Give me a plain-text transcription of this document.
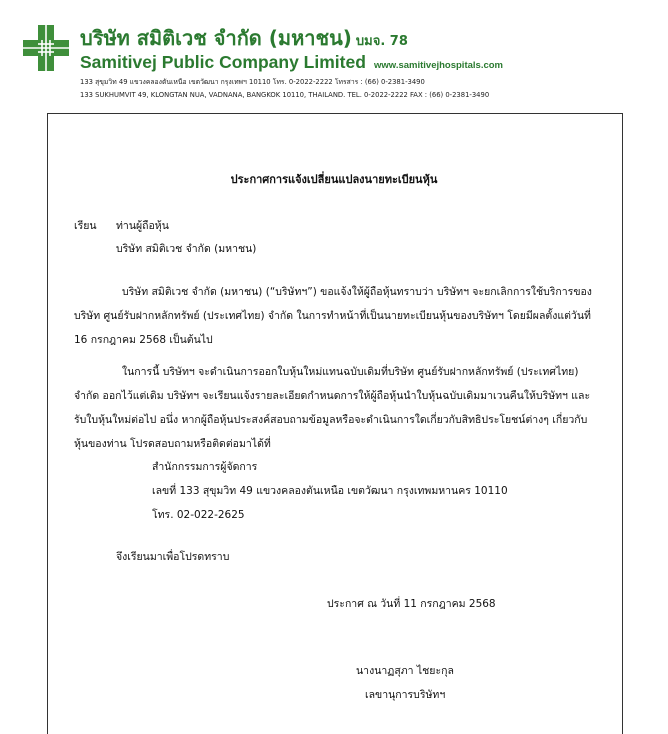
บริษัท สมิติเวช จำกัด (มหาชน) บมจ. 78
Samitivej Public Company Limited www.samitivejhospitals.com
133 สุขุมวิท 49 แขวงคลองตันเหนือ เขตวัฒนา กรุงเทพฯ 10110 โทร. 0-2022-2222 โทรสาร : (66) 0-2381-3490
133 SUKHUMVIT 49, KLONGTAN NUA, VADNANA, BANGKOK 10110, THAILAND. TEL. 0-2022-2222 FAX : (66) 0-2381-3490
ประกาศการแจ้งเปลี่ยนแปลงนายทะเบียนหุ้น
เรียน ท่านผู้ถือหุ้น
บริษัท สมิติเวช จำกัด (มหาชน)

บริษัท สมิติเวช จำกัด (มหาชน) (“บริษัทฯ”) ขอแจ้งให้ผู้ถือหุ้นทราบว่า บริษัทฯ จะยกเลิกการใช้บริการของ

บริษัท ศูนย์รับฝากหลักทรัพย์ (ประเทศไทย) จำกัด ในการทำหน้าที่เป็นนายทะเบียนหุ้นของบริษัทฯ โดยมีผลตั้งแต่วันที่

16 กรกฎาคม 2568 เป็นต้นไป

ในการนี้ บริษัทฯ จะดำเนินการออกใบหุ้นใหม่แทนฉบับเดิมที่บริษัท ศูนย์รับฝากหลักทรัพย์ (ประเทศไทย)

จำกัด ออกไว้แต่เดิม บริษัทฯ จะเรียนแจ้งรายละเอียดกำหนดการให้ผู้ถือหุ้นนำใบหุ้นฉบับเดิมมาเวนคืนให้บริษัทฯ และ

รับใบหุ้นใหม่ต่อไป อนึ่ง หากผู้ถือหุ้นประสงค์สอบถามข้อมูลหรือจะดำเนินการใดเกี่ยวกับสิทธิประโยชน์ต่างๆ เกี่ยวกับ

หุ้นของท่าน โปรดสอบถามหรือติดต่อมาได้ที่

สำนักกรรมการผู้จัดการ
เลขที่ 133 สุขุมวิท 49 แขวงคลองตันเหนือ เขตวัฒนา กรุงเทพมหานคร 10110
โทร. 02-022-2625
จึงเรียนมาเพื่อโปรดทราบ
ประกาศ ณ วันที่ 11 กรกฎาคม 2568
นางนาฏสุภา ไชยะกุล
เลขานุการบริษัทฯ
